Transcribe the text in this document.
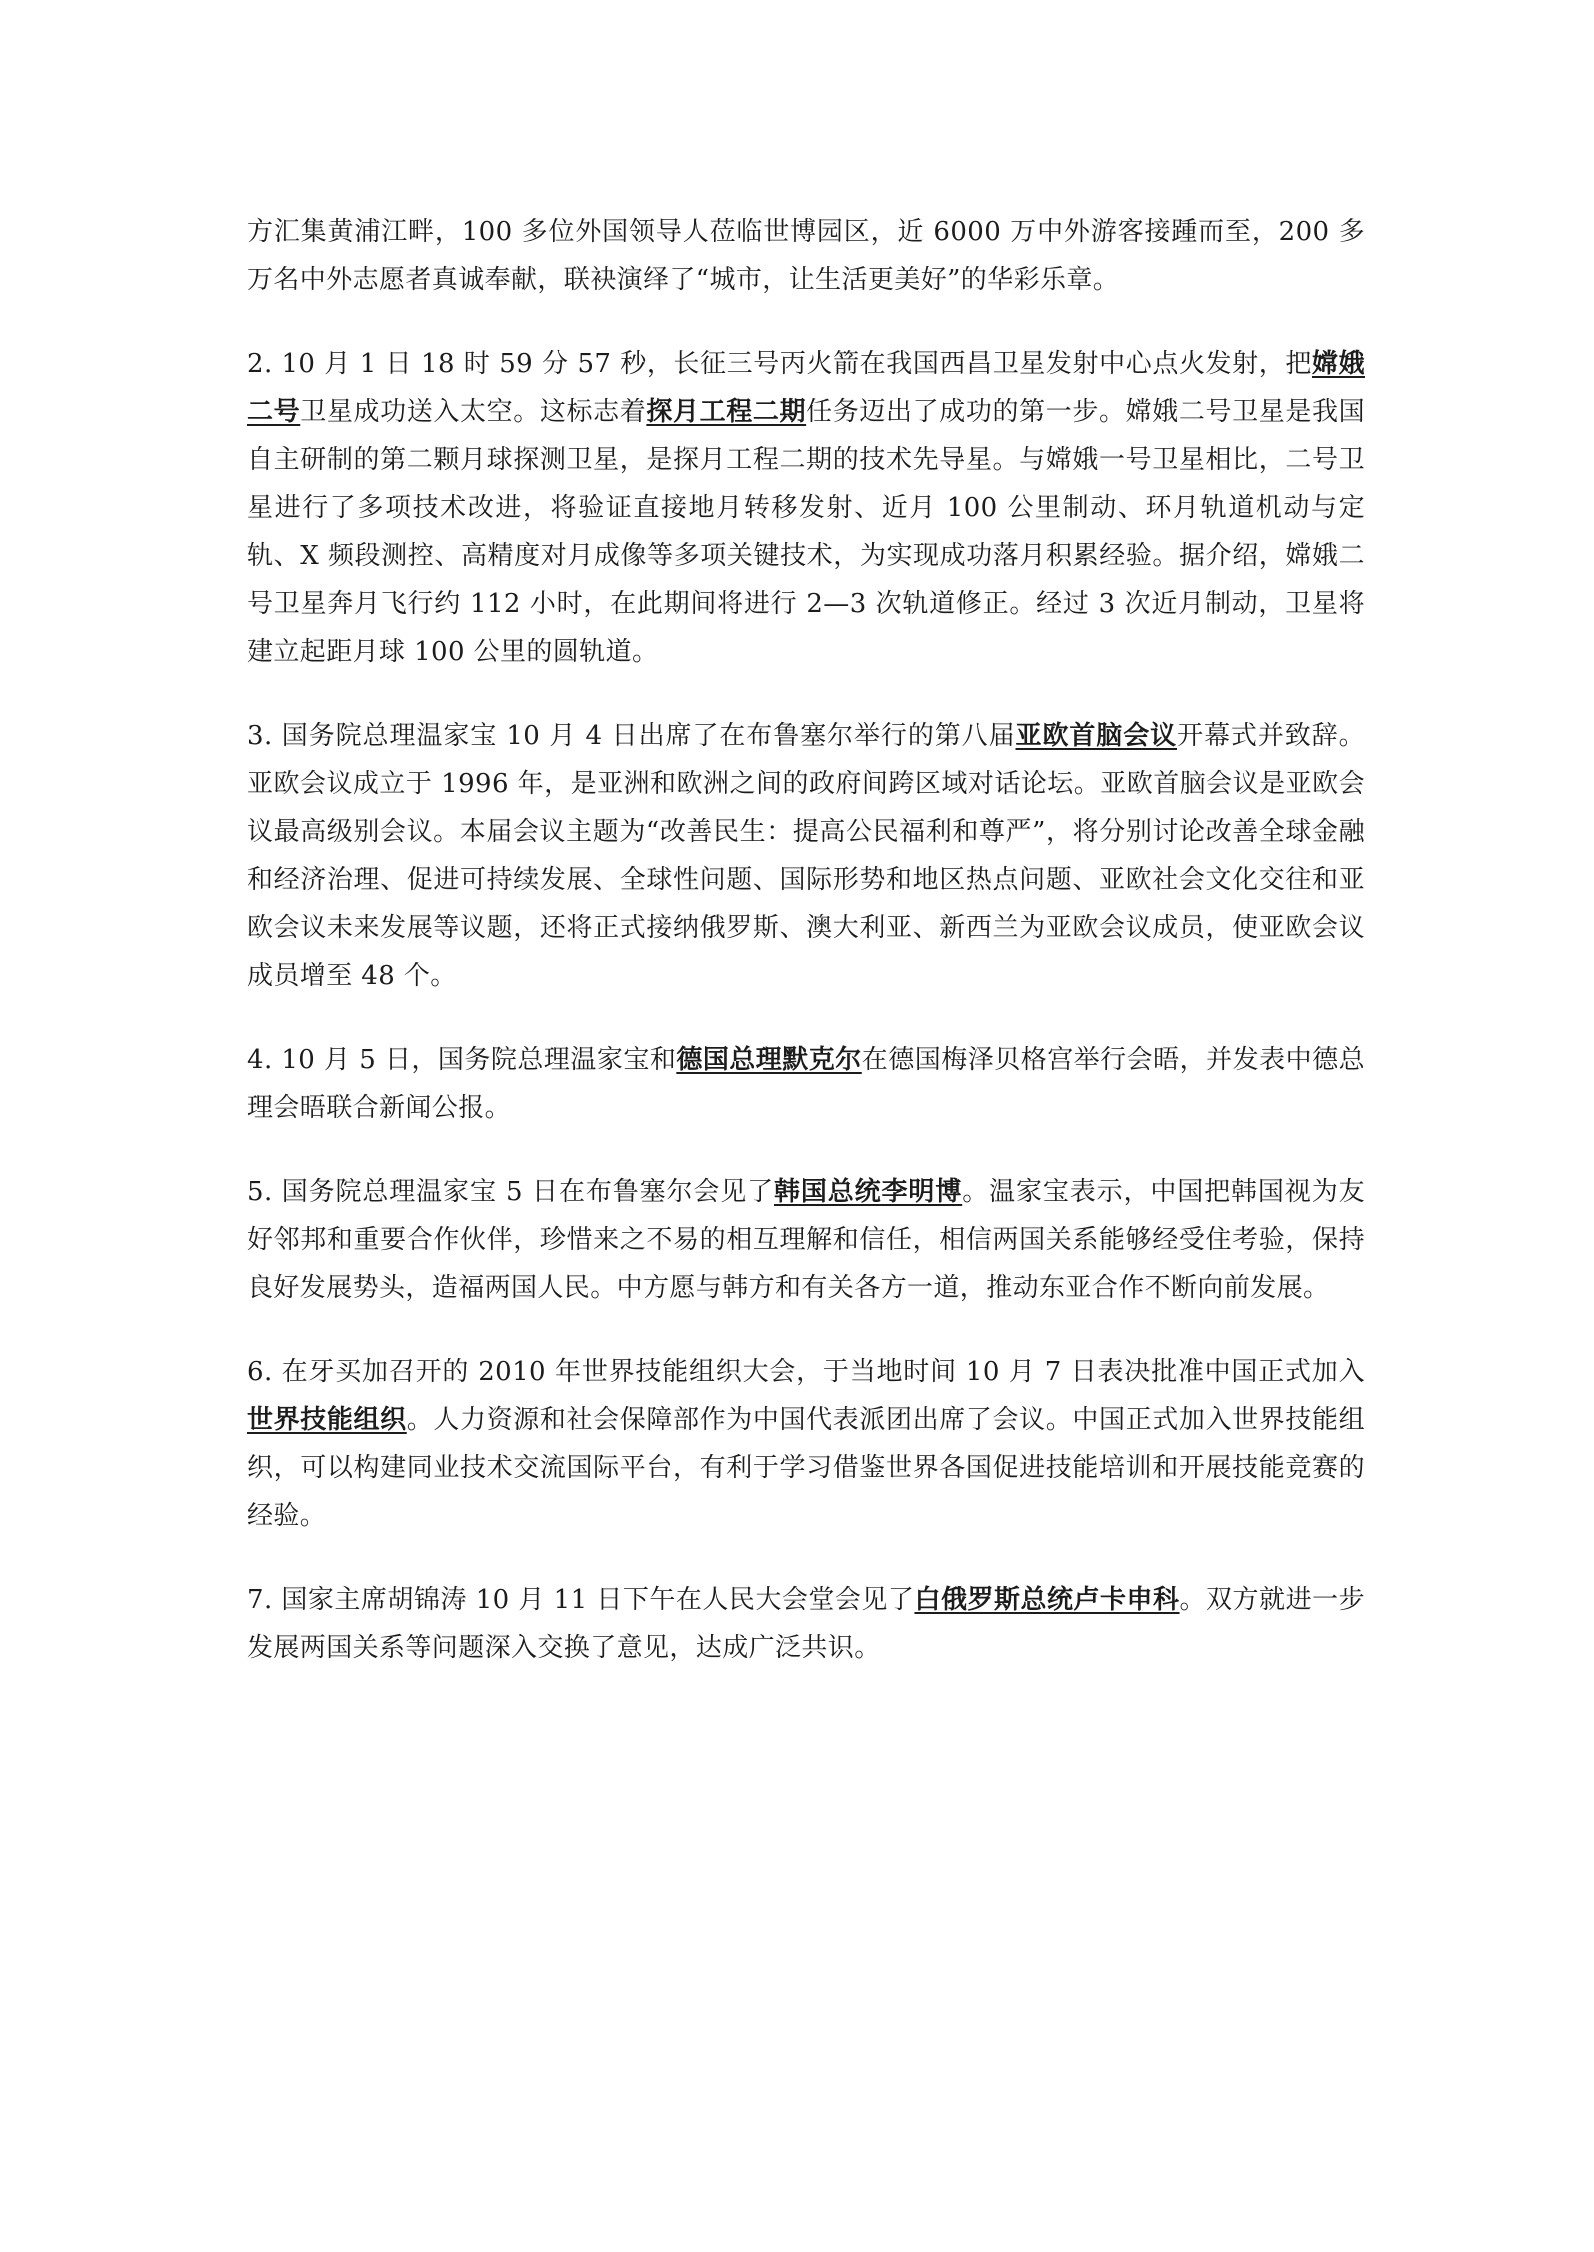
方汇集黄浦江畔，100 多位外国领导人莅临世博园区，近 6000 万中外游客接踵而至，200 多万名中外志愿者真诚奉献，联袂演绎了“城市，让生活更美好”的华彩乐章。

2. 10 月 1 日 18 时 59 分 57 秒，长征三号丙火箭在我国西昌卫星发射中心点火发射，把嫦娥二号卫星成功送入太空。这标志着探月工程二期任务迈出了成功的第一步。嫦娥二号卫星是我国自主研制的第二颗月球探测卫星，是探月工程二期的技术先导星。与嫦娥一号卫星相比，二号卫星进行了多项技术改进，将验证直接地月转移发射、近月 100 公里制动、环月轨道机动与定轨、X 频段测控、高精度对月成像等多项关键技术，为实现成功落月积累经验。据介绍，嫦娥二号卫星奔月飞行约 112 小时，在此期间将进行 2—3 次轨道修正。经过 3 次近月制动，卫星将建立起距月球 100 公里的圆轨道。

3. 国务院总理温家宝 10 月 4 日出席了在布鲁塞尔举行的第八届亚欧首脑会议开幕式并致辞。亚欧会议成立于 1996 年，是亚洲和欧洲之间的政府间跨区域对话论坛。亚欧首脑会议是亚欧会议最高级别会议。本届会议主题为“改善民生：提高公民福利和尊严”，将分别讨论改善全球金融和经济治理、促进可持续发展、全球性问题、国际形势和地区热点问题、亚欧社会文化交往和亚欧会议未来发展等议题，还将正式接纳俄罗斯、澳大利亚、新西兰为亚欧会议成员，使亚欧会议成员增至 48 个。

4. 10 月 5 日，国务院总理温家宝和德国总理默克尔在德国梅泽贝格宫举行会晤，并发表中德总理会晤联合新闻公报。

5. 国务院总理温家宝 5 日在布鲁塞尔会见了韩国总统李明博。温家宝表示，中国把韩国视为友好邻邦和重要合作伙伴，珍惜来之不易的相互理解和信任，相信两国关系能够经受住考验，保持良好发展势头，造福两国人民。中方愿与韩方和有关各方一道，推动东亚合作不断向前发展。

6. 在牙买加召开的 2010 年世界技能组织大会，于当地时间 10 月 7 日表决批准中国正式加入世界技能组织。人力资源和社会保障部作为中国代表派团出席了会议。中国正式加入世界技能组织，可以构建同业技术交流国际平台，有利于学习借鉴世界各国促进技能培训和开展技能竞赛的经验。

7. 国家主席胡锦涛 10 月 11 日下午在人民大会堂会见了白俄罗斯总统卢卡申科。双方就进一步发展两国关系等问题深入交换了意见，达成广泛共识。
